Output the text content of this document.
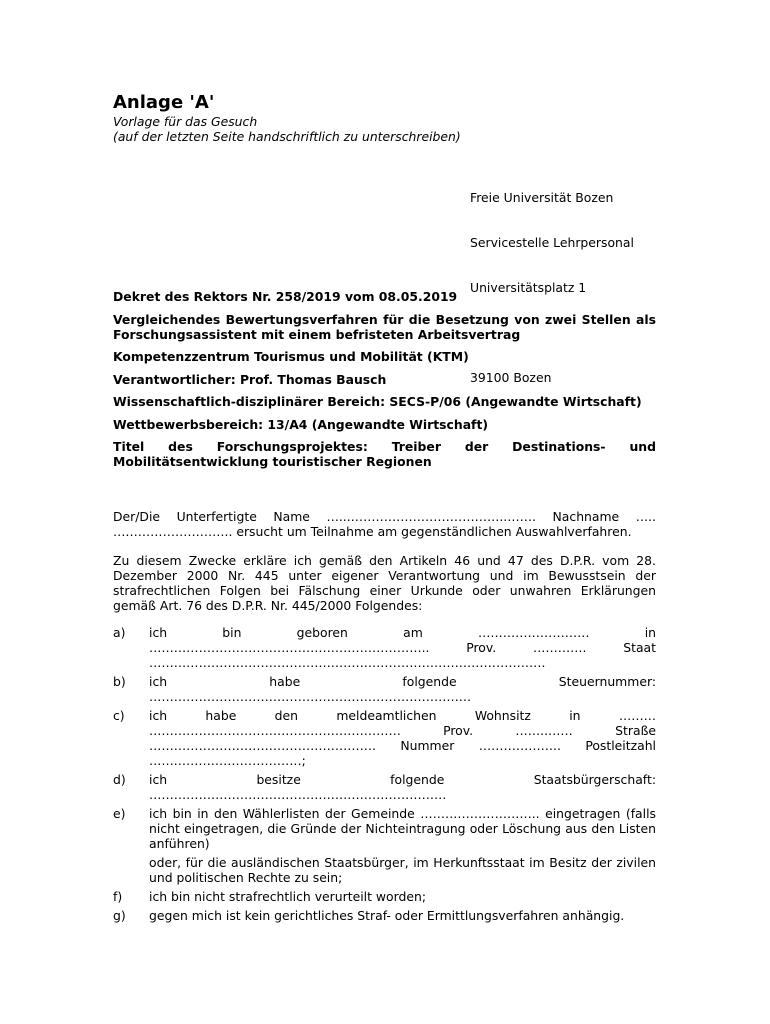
Anlage 'A'
Vorlage für das Gesuch
(auf der letzten Seite handschriftlich zu unterschreiben)

Freie Universität Bozen

Servicestelle Lehrpersonal

Universitätsplatz 1

39100 Bozen

Dekret des Rektors Nr. 258/2019 vom 08.05.2019

Vergleichendes Bewertungsverfahren für die Besetzung von zwei Stellen als Forschungsassistent mit einem befristeten Arbeitsvertrag

Kompetenzzentrum Tourismus und Mobilität (KTM)

Verantwortlicher: Prof. Thomas Bausch

Wissenschaftlich-disziplinärer Bereich: SECS-P/06 (Angewandte Wirtschaft)

Wettbewerbsbereich: 13/A4 (Angewandte Wirtschaft)

Titel des Forschungsprojektes: Treiber der Destinations- und Mobilitätsentwicklung touristischer Regionen

Der/Die Unterfertigte Name …...………………………………..……. Nachname ….. ……………………….. ersucht um Teilnahme am gegenständlichen Auswahlverfahren.

Zu diesem Zwecke erkläre ich gemäß den Artikeln 46 und 47 des D.P.R. vom 28. Dezember 2000 Nr. 445 unter eigener Verantwortung und im Bewusstsein der strafrechtlichen Folgen bei Fälschung einer Urkunde oder unwahren Erklärungen gemäß Art. 76 des D.P.R. Nr. 445/2000 Folgendes:

a)	ich bin geboren am ……………………… in ………………………………………………………….. Prov. …………. Staat ……………………………………………………………………………………
b)	ich habe folgende Steuernummer: ……………………………………………………………………
c)	ich habe den meldeamtlichen Wohnsitz in ……… ……………………………………………………. Prov. ……..…… Straße ………………………………………………. Nummer ……………….. Postleitzahl …….…………………………;
d)	ich besitze folgende Staatsbürgerschaft: ………………………………………………………………
e)	ich bin in den Wählerlisten der Gemeinde ……………………….. eingetragen (falls nicht eingetragen, die Gründe der Nichteintragung oder Löschung aus den Listen anführen)

oder, für die ausländischen Staatsbürger, im Herkunftsstaat im Besitz der zivilen und politischen Rechte zu sein;

f)	ich bin nicht strafrechtlich verurteilt worden;
g)	gegen mich ist kein gerichtliches Straf- oder Ermittlungsverfahren anhängig.
